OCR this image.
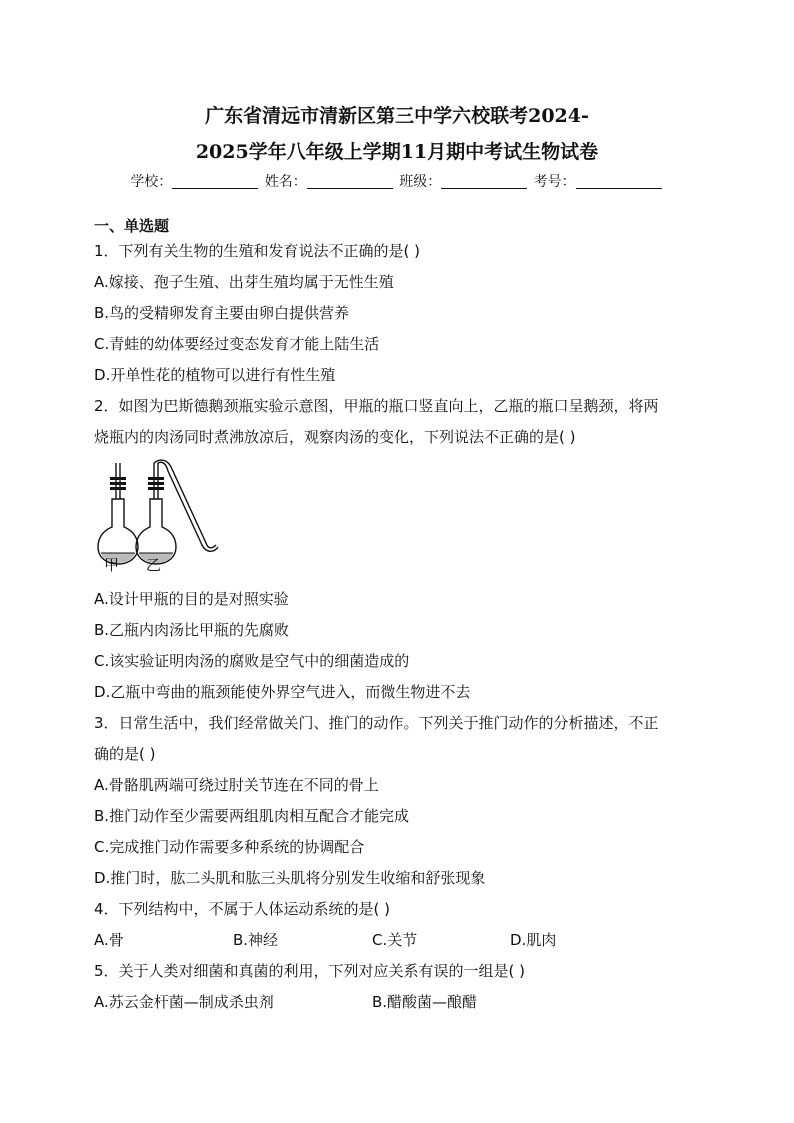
广东省清远市清新区第三中学六校联考2024-
2025学年八年级上学期11月期中考试生物试卷
学校：	姓名：	班级：	考号：
一、单选题
1．下列有关生物的生殖和发育说法不正确的是( )
A.嫁接、孢子生殖、出芽生殖均属于无性生殖
B.鸟的受精卵发育主要由卵白提供营养
C.青蛙的幼体要经过变态发育才能上陆生活
D.开单性花的植物可以进行有性生殖
2．如图为巴斯德鹅颈瓶实验示意图，甲瓶的瓶口竖直向上，乙瓶的瓶口呈鹅颈，将两
烧瓶内的肉汤同时煮沸放凉后，观察肉汤的变化，下列说法不正确的是( )
甲 乙
A.设计甲瓶的目的是对照实验
B.乙瓶内肉汤比甲瓶的先腐败
C.该实验证明肉汤的腐败是空气中的细菌造成的
D.乙瓶中弯曲的瓶颈能使外界空气进入，而微生物进不去
3．日常生活中，我们经常做关门、推门的动作。下列关于推门动作的分析描述，不正
确的是( )
A.骨骼肌两端可绕过肘关节连在不同的骨上
B.推门动作至少需要两组肌肉相互配合才能完成
C.完成推门动作需要多种系统的协调配合
D.推门时，肱二头肌和肱三头肌将分别发生收缩和舒张现象
4．下列结构中，不属于人体运动系统的是( )
A.骨	B.神经	C.关节	D.肌肉
5．关于人类对细菌和真菌的利用，下列对应关系有误的一组是( )
A.苏云金杆菌—制成杀虫剂	B.醋酸菌—酿醋
